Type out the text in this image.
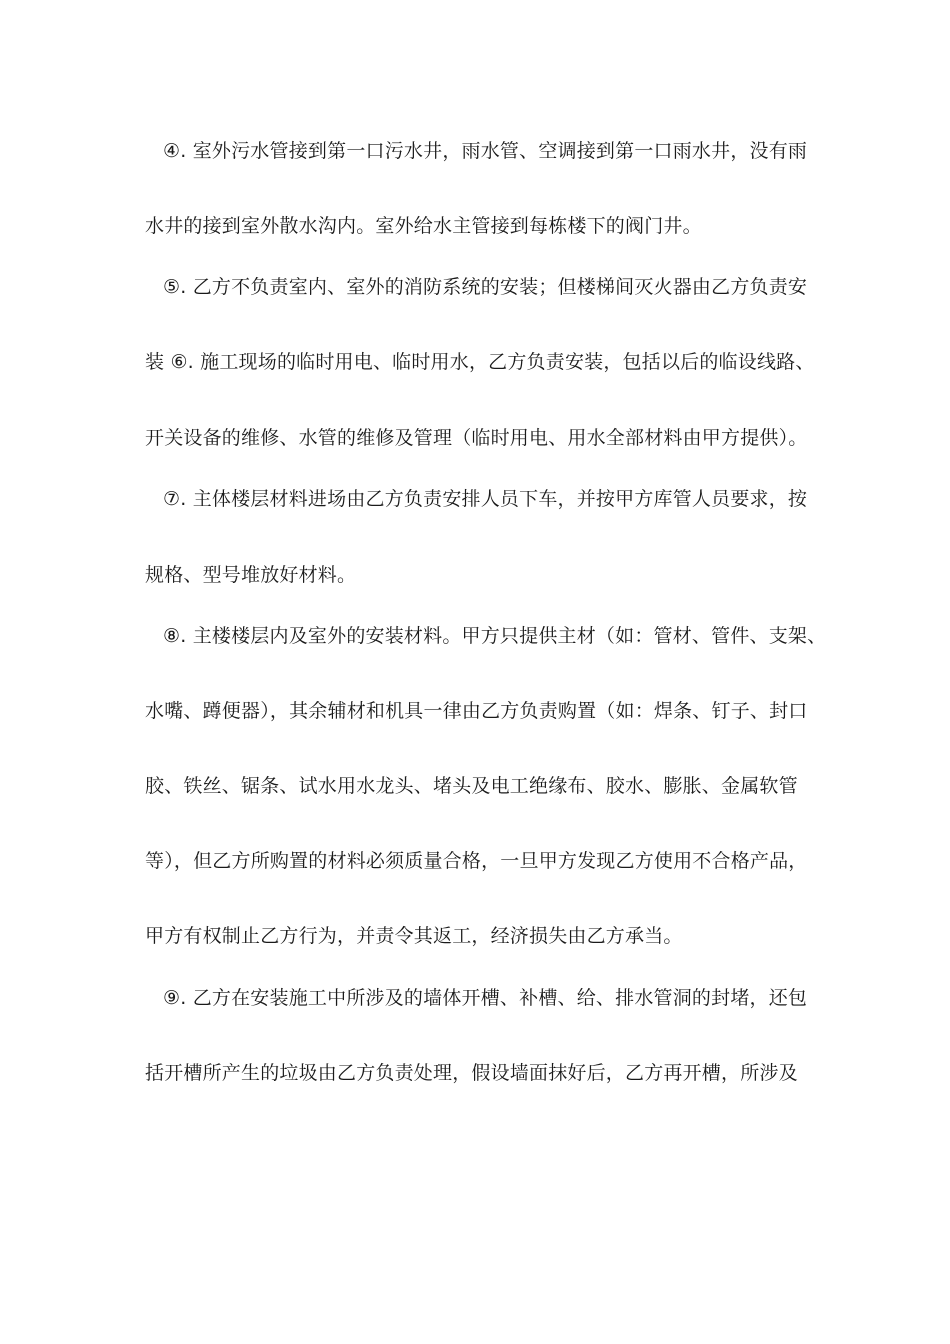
④. 室外污水管接到第一口污水井，雨水管、空调接到第一口雨水井，没有雨
水井的接到室外散水沟内。室外给水主管接到每栋楼下的阀门井。
⑤. 乙方不负责室内、室外的消防系统的安装；但楼梯间灭火器由乙方负责安
装 ⑥. 施工现场的临时用电、临时用水，乙方负责安装，包括以后的临设线路、
开关设备的维修、水管的维修及管理（临时用电、用水全部材料由甲方提供）。
⑦. 主体楼层材料进场由乙方负责安排人员下车，并按甲方库管人员要求，按
规格、型号堆放好材料。
⑧. 主楼楼层内及室外的安装材料。甲方只提供主材（如：管材、管件、支架、
水嘴、蹲便器），其余辅材和机具一律由乙方负责购置（如：焊条、钉子、封口
胶、铁丝、锯条、试水用水龙头、堵头及电工绝缘布、胶水、膨胀、金属软管
等），但乙方所购置的材料必须质量合格，一旦甲方发现乙方使用不合格产品，
甲方有权制止乙方行为，并责令其返工，经济损失由乙方承当。
⑨. 乙方在安装施工中所涉及的墙体开槽、补槽、给、排水管洞的封堵，还包
括开槽所产生的垃圾由乙方负责处理，假设墙面抹好后，乙方再开槽，所涉及
